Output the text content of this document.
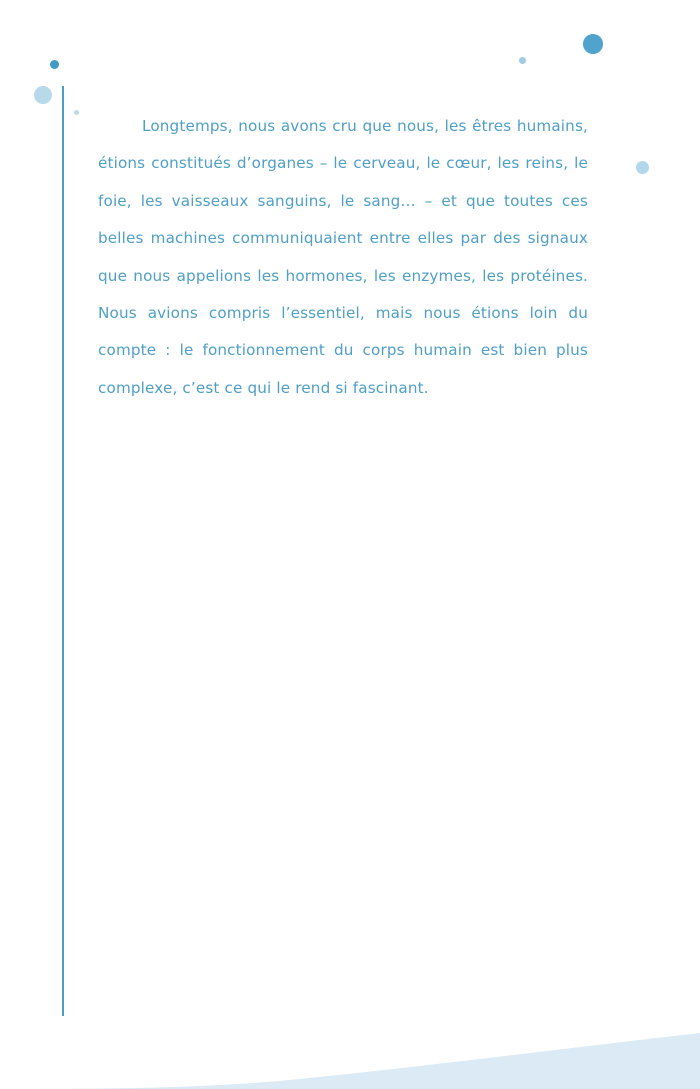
Longtemps, nous avons cru que nous, les êtres humains, étions constitués d’organes – le cerveau, le cœur, les reins, le foie, les vaisseaux sanguins, le sang… – et que toutes ces belles machines communiquaient entre elles par des signaux que nous appelions les hormones, les enzymes, les protéines. Nous avions compris l’essentiel, mais nous étions loin du compte : le fonctionnement du corps humain est bien plus complexe, c’est ce qui le rend si fascinant.
